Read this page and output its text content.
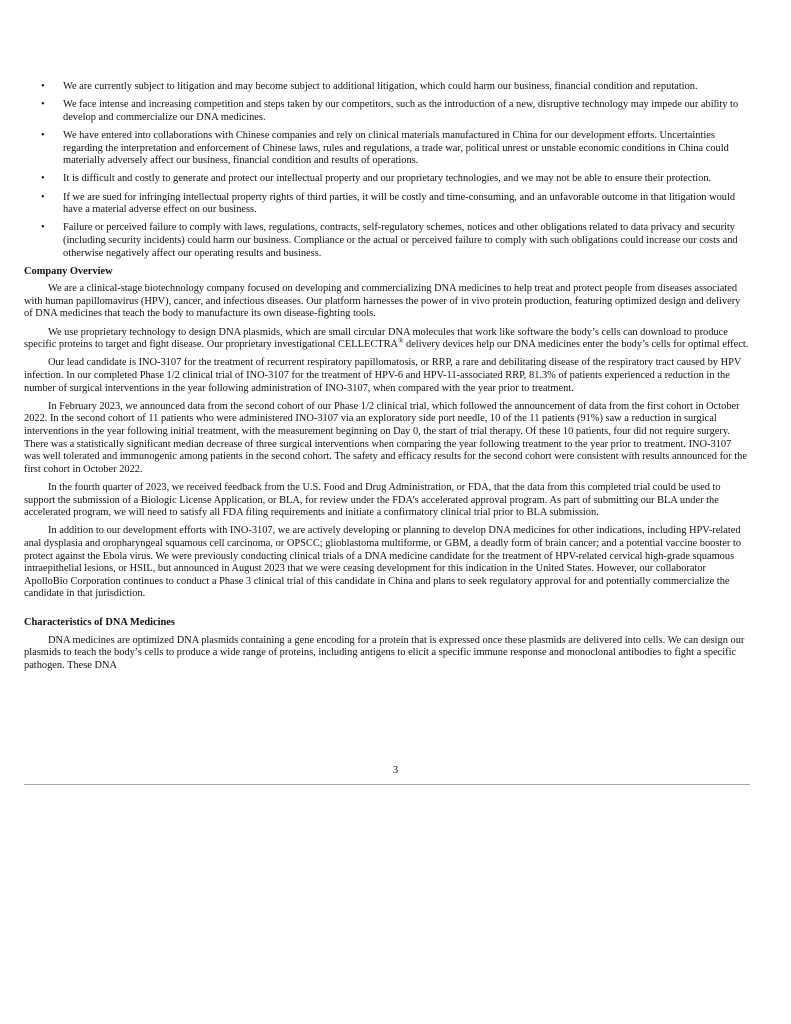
• We are currently subject to litigation and may become subject to additional litigation, which could harm our business, financial condition and reputation.
• We face intense and increasing competition and steps taken by our competitors, such as the introduction of a new, disruptive technology may impede our ability to develop and commercialize our DNA medicines.
• We have entered into collaborations with Chinese companies and rely on clinical materials manufactured in China for our development efforts. Uncertainties regarding the interpretation and enforcement of Chinese laws, rules and regulations, a trade war, political unrest or unstable economic conditions in China could materially adversely affect our business, financial condition and results of operations.
• It is difficult and costly to generate and protect our intellectual property and our proprietary technologies, and we may not be able to ensure their protection.
• If we are sued for infringing intellectual property rights of third parties, it will be costly and time-consuming, and an unfavorable outcome in that litigation would have a material adverse effect on our business.
• Failure or perceived failure to comply with laws, regulations, contracts, self-regulatory schemes, notices and other obligations related to data privacy and security (including security incidents) could harm our business. Compliance or the actual or perceived failure to comply with such obligations could increase our costs and otherwise negatively affect our operating results and business.
Company Overview

We are a clinical-stage biotechnology company focused on developing and commercializing DNA medicines to help treat and protect people from diseases associated with human papillomavirus (HPV), cancer, and infectious diseases. Our platform harnesses the power of in vivo protein production, featuring optimized design and delivery of DNA medicines that teach the body to manufacture its own disease-fighting tools.

We use proprietary technology to design DNA plasmids, which are small circular DNA molecules that work like software the body’s cells can download to produce specific proteins to target and fight disease. Our proprietary investigational CELLECTRA® delivery devices help our DNA medicines enter the body’s cells for optimal effect.

Our lead candidate is INO-3107 for the treatment of recurrent respiratory papillomatosis, or RRP, a rare and debilitating disease of the respiratory tract caused by HPV infection. In our completed Phase 1/2 clinical trial of INO-3107 for the treatment of HPV-6 and HPV-11-associated RRP, 81.3% of patients experienced a reduction in the number of surgical interventions in the year following administration of INO-3107, when compared with the year prior to treatment.

In February 2023, we announced data from the second cohort of our Phase 1/2 clinical trial, which followed the announcement of data from the first cohort in October 2022. In the second cohort of 11 patients who were administered INO-3107 via an exploratory side port needle, 10 of the 11 patients (91%) saw a reduction in surgical interventions in the year following initial treatment, with the measurement beginning on Day 0, the start of trial therapy. Of these 10 patients, four did not require surgery. There was a statistically significant median decrease of three surgical interventions when comparing the year following treatment to the year prior to treatment. INO-3107 was well tolerated and immunogenic among patients in the second cohort. The safety and efficacy results for the second cohort were consistent with results announced for the first cohort in October 2022.

In the fourth quarter of 2023, we received feedback from the U.S. Food and Drug Administration, or FDA, that the data from this completed trial could be used to support the submission of a Biologic License Application, or BLA, for review under the FDA’s accelerated approval program. As part of submitting our BLA under the accelerated program, we will need to satisfy all FDA filing requirements and initiate a confirmatory clinical trial prior to BLA submission.

In addition to our development efforts with INO-3107, we are actively developing or planning to develop DNA medicines for other indications, including HPV-related anal dysplasia and oropharyngeal squamous cell carcinoma, or OPSCC; glioblastoma multiforme, or GBM, a deadly form of brain cancer; and a potential vaccine booster to protect against the Ebola virus. We were previously conducting clinical trials of a DNA medicine candidate for the treatment of HPV-related cervical high-grade squamous intraepithelial lesions, or HSIL, but announced in August 2023 that we were ceasing development for this indication in the United States. However, our collaborator ApolloBio Corporation continues to conduct a Phase 3 clinical trial of this candidate in China and plans to seek regulatory approval for and potentially commercialize the candidate in that jurisdiction.

Characteristics of DNA Medicines

DNA medicines are optimized DNA plasmids containing a gene encoding for a protein that is expressed once these plasmids are delivered into cells. We can design our plasmids to teach the body’s cells to produce a wide range of proteins, including antigens to elicit a specific immune response and monoclonal antibodies to fight a specific pathogen. These DNA

3
